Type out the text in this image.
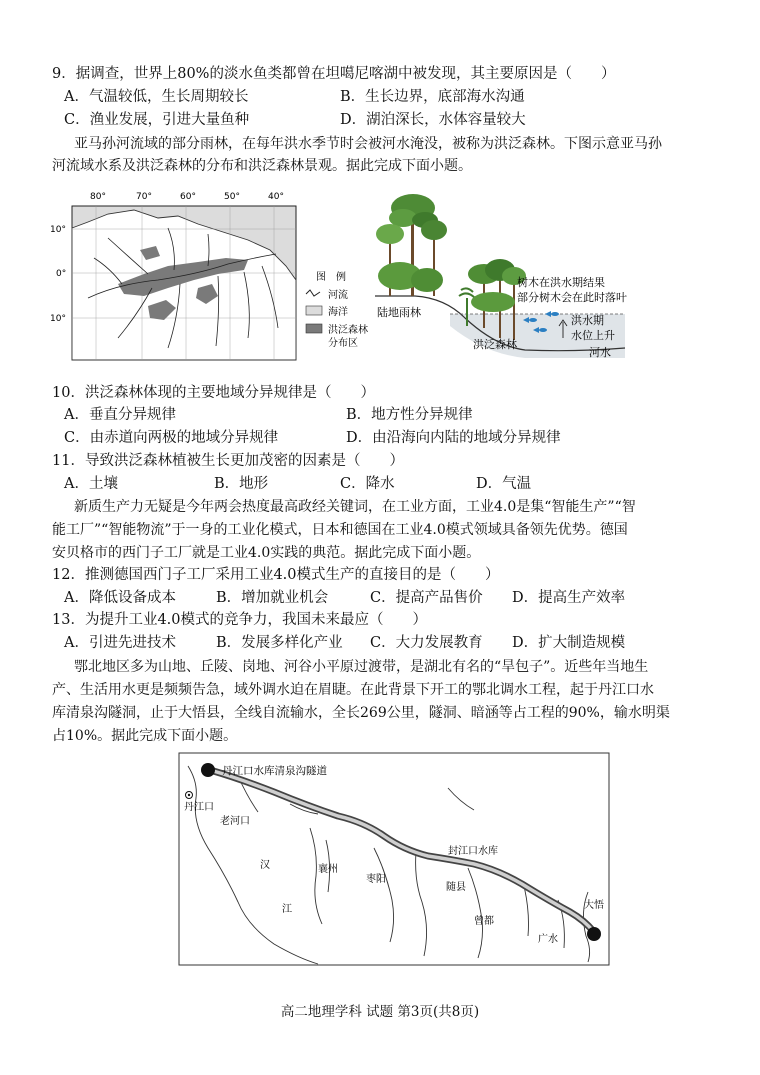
9．据调查，世界上80%的淡水鱼类都曾在坦噶尼喀湖中被发现，其主要原因是（　　）
A．气温较低，生长周期较长	B．生长边界，底部海水沟通
C．渔业发展，引进大量鱼种	D．湖泊深长，水体容量较大
亚马孙河流域的部分雨林，在每年洪水季节时会被河水淹没，被称为洪泛森林。下图示意亚马孙
河流域水系及洪泛森林的分布和洪泛森林景观。据此完成下面小题。
80°	70°	60°	50°	40°
10°
0°
10°
图　例
河流
海洋
洪泛森林
分布区
陆地雨林
洪泛森林
树木在洪水期结果
部分树木会在此时落叶
洪水期
水位上升
河水
10．洪泛森林体现的主要地域分异规律是（　　）
A．垂直分异规律	B．地方性分异规律
C．由赤道向两极的地域分异规律	D．由沿海向内陆的地域分异规律
11．导致洪泛森林植被生长更加茂密的因素是（　　）
A．土壤	B．地形	C．降水	D．气温
新质生产力无疑是今年两会热度最高政经关键词，在工业方面，工业4.0是集“智能生产”“智
能工厂”“智能物流”于一身的工业化模式，日本和德国在工业4.0模式领域具备领先优势。德国
安贝格市的西门子工厂就是工业4.0实践的典范。据此完成下面小题。
12．推测德国西门子工厂采用工业4.0模式生产的直接目的是（　　）
A．降低设备成本	B．增加就业机会	C．提高产品售价 D．提高生产效率
13．为提升工业4.0模式的竞争力，我国未来最应（　　）
A．引进先进技术	B．发展多样化产业 C．大力发展教育 D．扩大制造规模
鄂北地区多为山地、丘陵、岗地、河谷小平原过渡带，是湖北有名的“旱包子”。近些年当地生
产、生活用水更是频频告急，域外调水迫在眉睫。在此背景下开工的鄂北调水工程，起于丹江口水
库清泉沟隧洞，止于大悟县，全线自流输水，全长269公里，隧洞、暗涵等占工程的90%，输水明渠
占10%。据此完成下面小题。
丹江口水库清泉沟隧道
丹江口
老河口
汉
江
襄州
枣阳
随县
封江口水库
曾都
广水
大悟
高二地理学科 试题 第3页(共8页)
